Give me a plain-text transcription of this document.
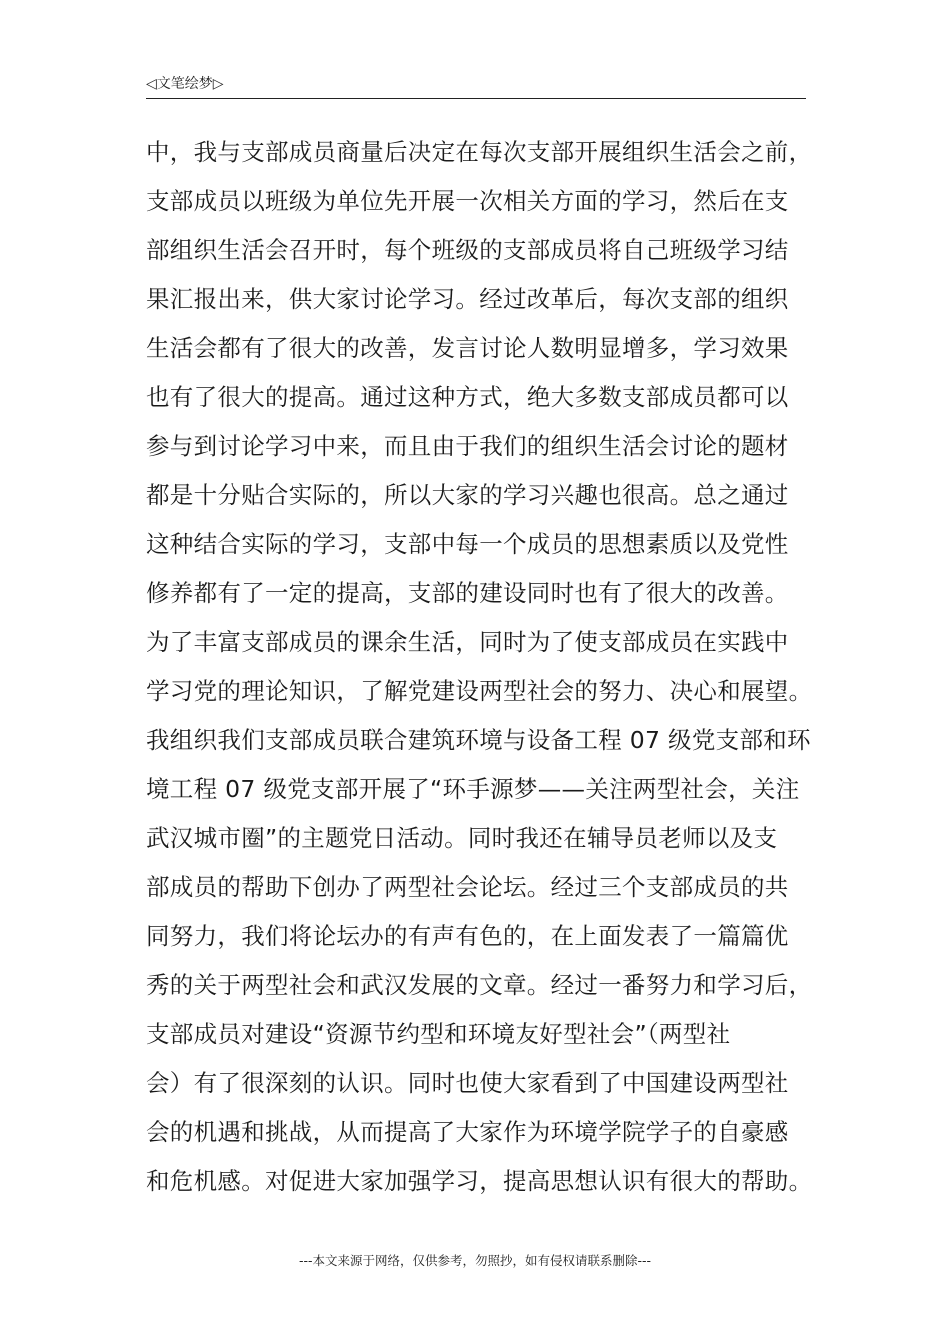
◁文笔绘梦▷
中，我与支部成员商量后决定在每次支部开展组织生活会之前，
支部成员以班级为单位先开展一次相关方面的学习，然后在支
部组织生活会召开时，每个班级的支部成员将自己班级学习结
果汇报出来，供大家讨论学习。经过改革后，每次支部的组织
生活会都有了很大的改善，发言讨论人数明显增多，学习效果
也有了很大的提高。通过这种方式，绝大多数支部成员都可以
参与到讨论学习中来，而且由于我们的组织生活会讨论的题材
都是十分贴合实际的，所以大家的学习兴趣也很高。总之通过
这种结合实际的学习，支部中每一个成员的思想素质以及党性
修养都有了一定的提高，支部的建设同时也有了很大的改善。
为了丰富支部成员的课余生活，同时为了使支部成员在实践中
学习党的理论知识，了解党建设两型社会的努力、决心和展望。
我组织我们支部成员联合建筑环境与设备工程 07 级党支部和环
境工程 07 级党支部开展了“环手源梦——关注两型社会，关注
武汉城市圈”的主题党日活动。同时我还在辅导员老师以及支
部成员的帮助下创办了两型社会论坛。经过三个支部成员的共
同努力，我们将论坛办的有声有色的，在上面发表了一篇篇优
秀的关于两型社会和武汉发展的文章。经过一番努力和学习后，
支部成员对建设“资源节约型和环境友好型社会”（两型社
会）有了很深刻的认识。同时也使大家看到了中国建设两型社
会的机遇和挑战，从而提高了大家作为环境学院学子的自豪感
和危机感。对促进大家加强学习，提高思想认识有很大的帮助。
---本文来源于网络，仅供参考，勿照抄，如有侵权请联系删除---
